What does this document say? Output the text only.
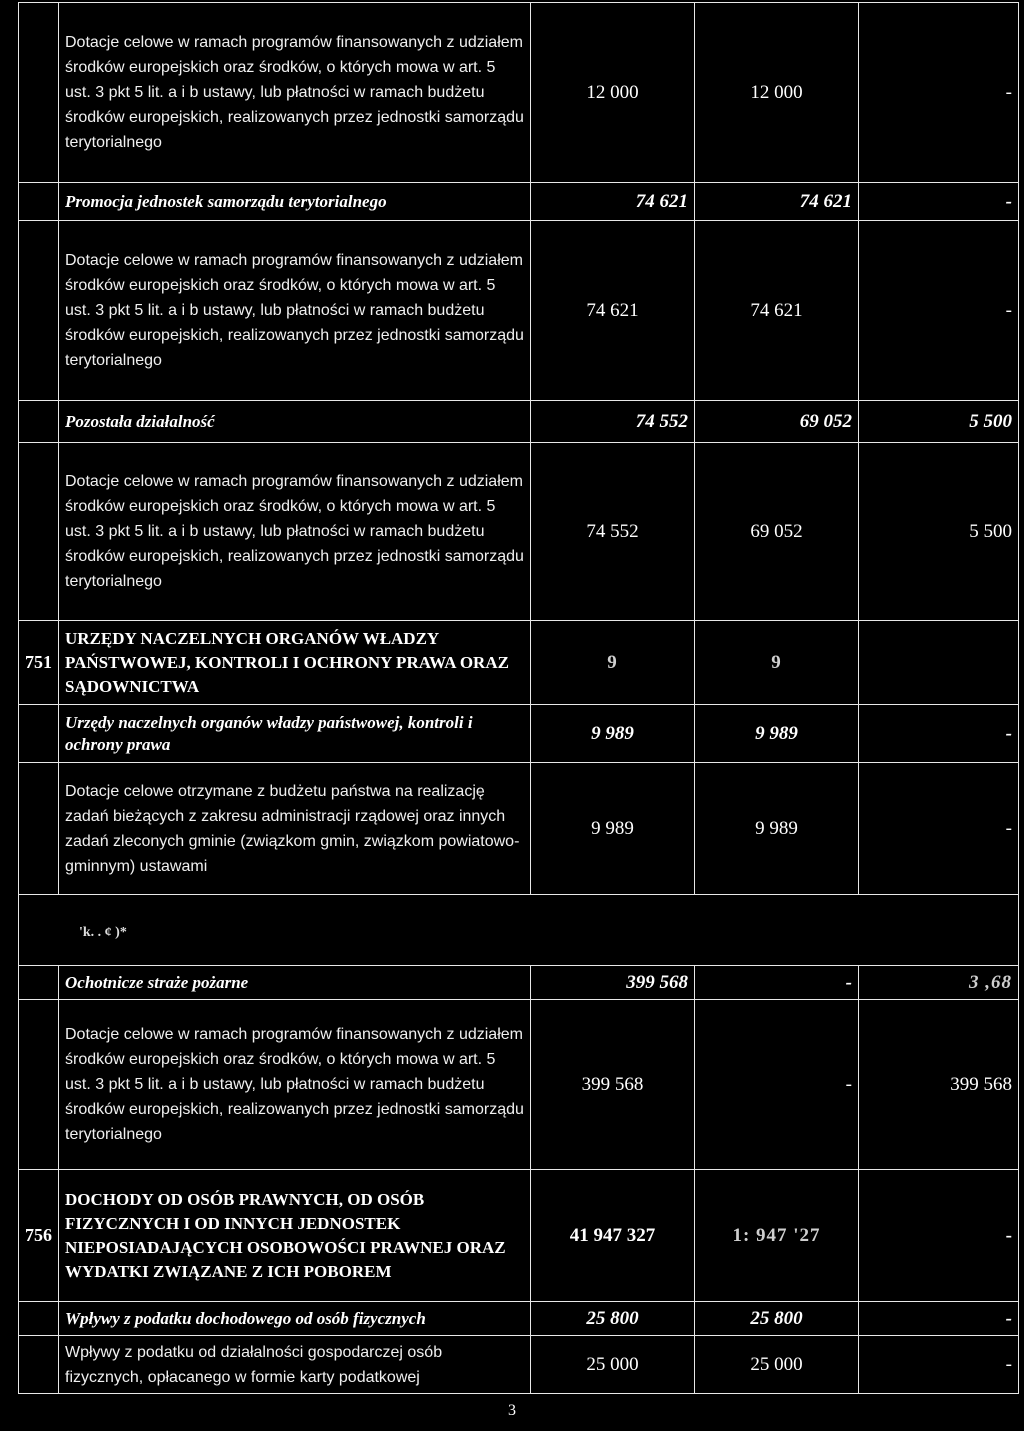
	Dotacje celowe w ramach programów finansowanych z udziałem środków europejskich oraz środków, o których mowa w art. 5 ust. 3 pkt 5 lit. a i b ustawy, lub płatności w ramach budżetu środków europejskich, realizowanych przez jednostki samorządu terytorialnego	12 000	12 000	-
	Promocja jednostek samorządu terytorialnego	74 621	74 621	-
	Dotacje celowe w ramach programów finansowanych z udziałem środków europejskich oraz środków, o których mowa w art. 5 ust. 3 pkt 5 lit. a i b ustawy, lub płatności w ramach budżetu środków europejskich, realizowanych przez jednostki samorządu terytorialnego	74 621	74 621	-
	Pozostała działalność	74 552	69 052	5 500
	Dotacje celowe w ramach programów finansowanych z udziałem środków europejskich oraz środków, o których mowa w art. 5 ust. 3 pkt 5 lit. a i b ustawy, lub płatności w ramach budżetu środków europejskich, realizowanych przez jednostki samorządu terytorialnego	74 552	69 052	5 500
751	URZĘDY NACZELNYCH ORGANÓW WŁADZY PAŃSTWOWEJ, KONTROLI I OCHRONY PRAWA ORAZ SĄDOWNICTWA	9	9	
	Urzędy naczelnych organów władzy państwowej, kontroli i ochrony prawa	9 989	9 989	-
	Dotacje celowe otrzymane z budżetu państwa na realizację zadań bieżących z zakresu administracji rządowej oraz innych zadań zleconych gminie (związkom gmin, związkom powiatowo-gminnym) ustawami	9 989	9 989	-

'k. . ¢ )*				

	Ochotnicze straże pożarne	399 568	-	3 ,68
	Dotacje celowe w ramach programów finansowanych z udziałem środków europejskich oraz środków, o których mowa w art. 5 ust. 3 pkt 5 lit. a i b ustawy, lub płatności w ramach budżetu środków europejskich, realizowanych przez jednostki samorządu terytorialnego	399 568	-	399 568
756	DOCHODY OD OSÓB PRAWNYCH, OD OSÓB FIZYCZNYCH I OD INNYCH JEDNOSTEK NIEPOSIADAJĄCYCH OSOBOWOŚCI PRAWNEJ ORAZ WYDATKI ZWIĄZANE Z ICH POBOREM	41 947 327	1: 947 '27	-
	Wpływy z podatku dochodowego od osób fizycznych	25 800	25 800	-
	Wpływy z podatku od działalności gospodarczej osób fizycznych, opłacanego w formie karty podatkowej	25 000	25 000	-
3
